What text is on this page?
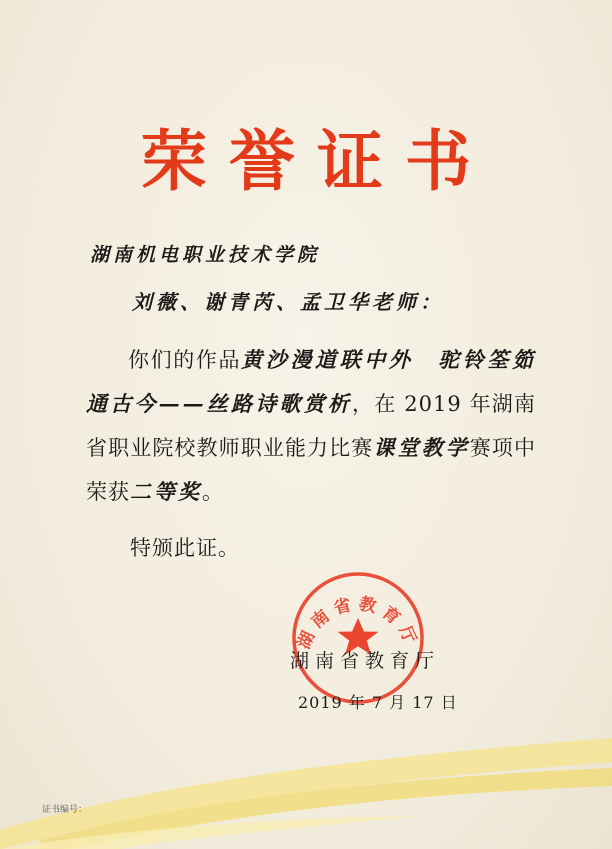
荣誉证书
湖南机电职业技术学院
刘薇、谢青芮、孟卫华老师：
你们的作品黄沙漫道联中外　驼铃筌筎通古今——丝路诗歌赏析，在 2019 年湖南省职业院校教师职业能力比赛课堂教学赛项中荣获二等奖。
特颁此证。
湖南省教育厅
湖南省教育厅
2019 年 7 月 17 日
证书编号：
